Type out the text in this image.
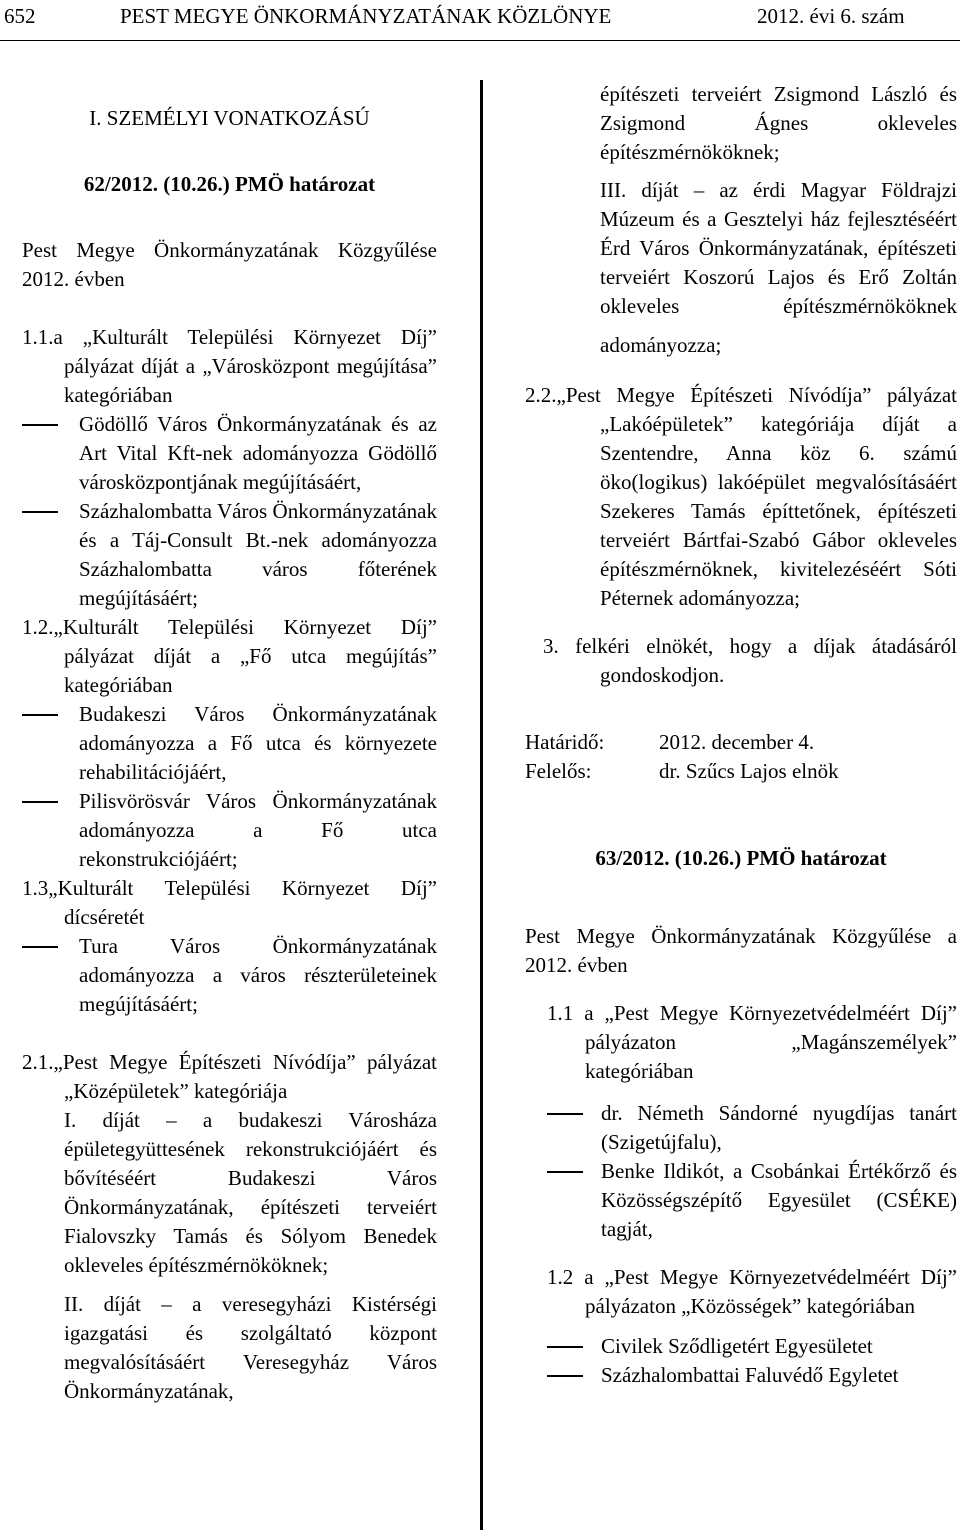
652	PEST MEGYE ÖNKORMÁNYZATÁNAK KÖZLÖNYE	2012. évi 6. szám

I. SZEMÉLYI VONATKOZÁSÚ

62/2012. (10.26.) PMÖ határozat

Pest Megye Önkormányzatának Közgyűlése 2012. évben

1.1.a „Kulturált Települési Környezet Díj” pályázat díját a „Városközpont megújítása” kategóriában

Gödöllő Város Önkormányzatának és az Art Vital Kft-nek adományozza Gödöllő városközpontjának megújításáért,

Százhalombatta Város Önkormányzatának és a Táj-Consult Bt.-nek adományozza Százhalombatta város főterének megújításáért;

1.2.„Kulturált Települési Környezet Díj” pályázat díját a „Fő utca megújítás” kategóriában

Budakeszi Város Önkormányzatának adományozza a Fő utca és környezete rehabilitációjáért,

Pilisvörösvár Város Önkormányzatának adományozza a Fő utca rekonstrukciójáért;

1.3„Kulturált Települési Környezet Díj” dícséretét

Tura Város Önkormányzatának adományozza a város részterületeinek megújításáért;

2.1.„Pest Megye Építészeti Nívódíja” pályázat „Középületek” kategóriája

I. díját – a budakeszi Városháza épületegyüttesének rekonstrukciójáért és bővítéséért Budakeszi Város Önkormányzatának, építészeti terveiért Fialovszky Tamás és Sólyom Benedek okleveles építészmérnököknek;

II. díját – a veresegyházi Kistérségi igazgatási és szolgáltató központ megvalósításáért Veresegyház Város Önkormányzatának,

építészeti terveiért Zsigmond László és Zsigmond Ágnes okleveles építészmérnököknek;

III. díját – az érdi Magyar Földrajzi Múzeum és a Gesztelyi ház fejlesztéséért Érd Város Önkormányzatának, építészeti terveiért Koszorú Lajos és Erő Zoltán okleveles építészmérnököknek

adományozza;

2.2.„Pest Megye Építészeti Nívódíja” pályázat „Lakóépületek” kategóriája díját a Szentendre, Anna köz 6. számú öko(logikus) lakóépület megvalósításáért Szekeres Tamás építtetőnek, építészeti terveiért Bártfai-Szabó Gábor okleveles építészmérnöknek, kivitelezéséért Sóti Péternek adományozza;

3. felkéri elnökét, hogy a díjak átadásáról gondoskodjon.

Határidő:	2012. december 4.
Felelős:	dr. Szűcs Lajos elnök

63/2012. (10.26.) PMÖ határozat

Pest Megye Önkormányzatának Közgyűlése a 2012. évben

1.1 a „Pest Megye Környezetvédelméért Díj” pályázaton „Magánszemélyek” kategóriában

dr. Németh Sándorné nyugdíjas tanárt (Szigetújfalu),

Benke Ildikót, a Csobánkai Értékőrző és Közösségszépítő Egyesület (CSÉKE) tagját,

1.2 a „Pest Megye Környezetvédelméért Díj” pályázaton „Közösségek” kategóriában

Civilek Sződligetért Egyesületet

Százhalombattai Faluvédő Egyletet
